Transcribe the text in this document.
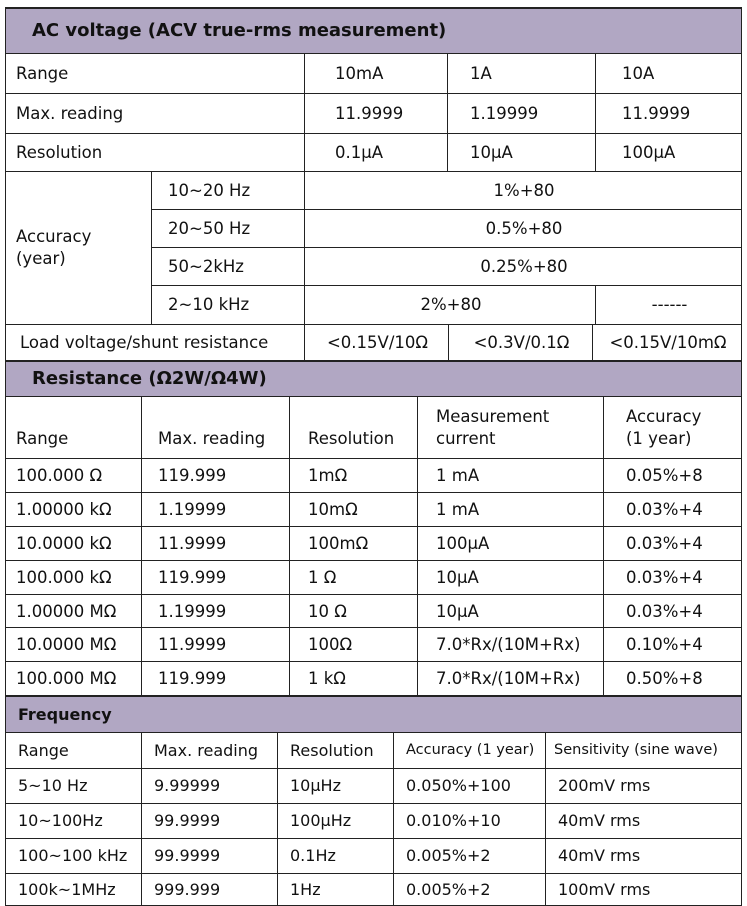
AC voltage (ACV true-rms measurement)				
Range		10mA	1A	10A
Max. reading		11.9999	1.19999	11.9999
Resolution		0.1μA	10μA	100μA

Accuracy
(year)	10~20 Hz	1%+80		
	20~50 Hz	0.5%+80		
	50~2kHz	0.25%+80		
	2~10 kHz	2%+80		------
Load voltage/shunt resistance	<0.15V/10Ω	<0.3V/0.1Ω	<0.15V/10mΩ
Resistance (Ω2W/Ω4W)				
Range	Max. reading	Resolution	Measurement current	Accuracy (1 year)
100.000 Ω	119.999	1mΩ	1 mA	0.05%+8
1.00000 kΩ	1.19999	10mΩ	1 mA	0.03%+4
10.0000 kΩ	11.9999	100mΩ	100μA	0.03%+4
100.000 kΩ	119.999	1 Ω	10μA	0.03%+4
1.00000 MΩ	1.19999	10 Ω	10μA	0.03%+4
10.0000 MΩ	11.9999	100Ω	7.0*Rx/(10M+Rx)	0.10%+4
100.000 MΩ	119.999	1 kΩ	7.0*Rx/(10M+Rx)	0.50%+8
Frequency				
Range	Max. reading	Resolution	Accuracy (1 year)	Sensitivity (sine wave)
5~10 Hz	9.99999	10μHz	0.050%+100	200mV rms
10~100Hz	99.9999	100μHz	0.010%+10	40mV rms
100~100 kHz	99.9999	0.1Hz	0.005%+2	40mV rms
100k~1MHz	999.999	1Hz	0.005%+2	100mV rms
